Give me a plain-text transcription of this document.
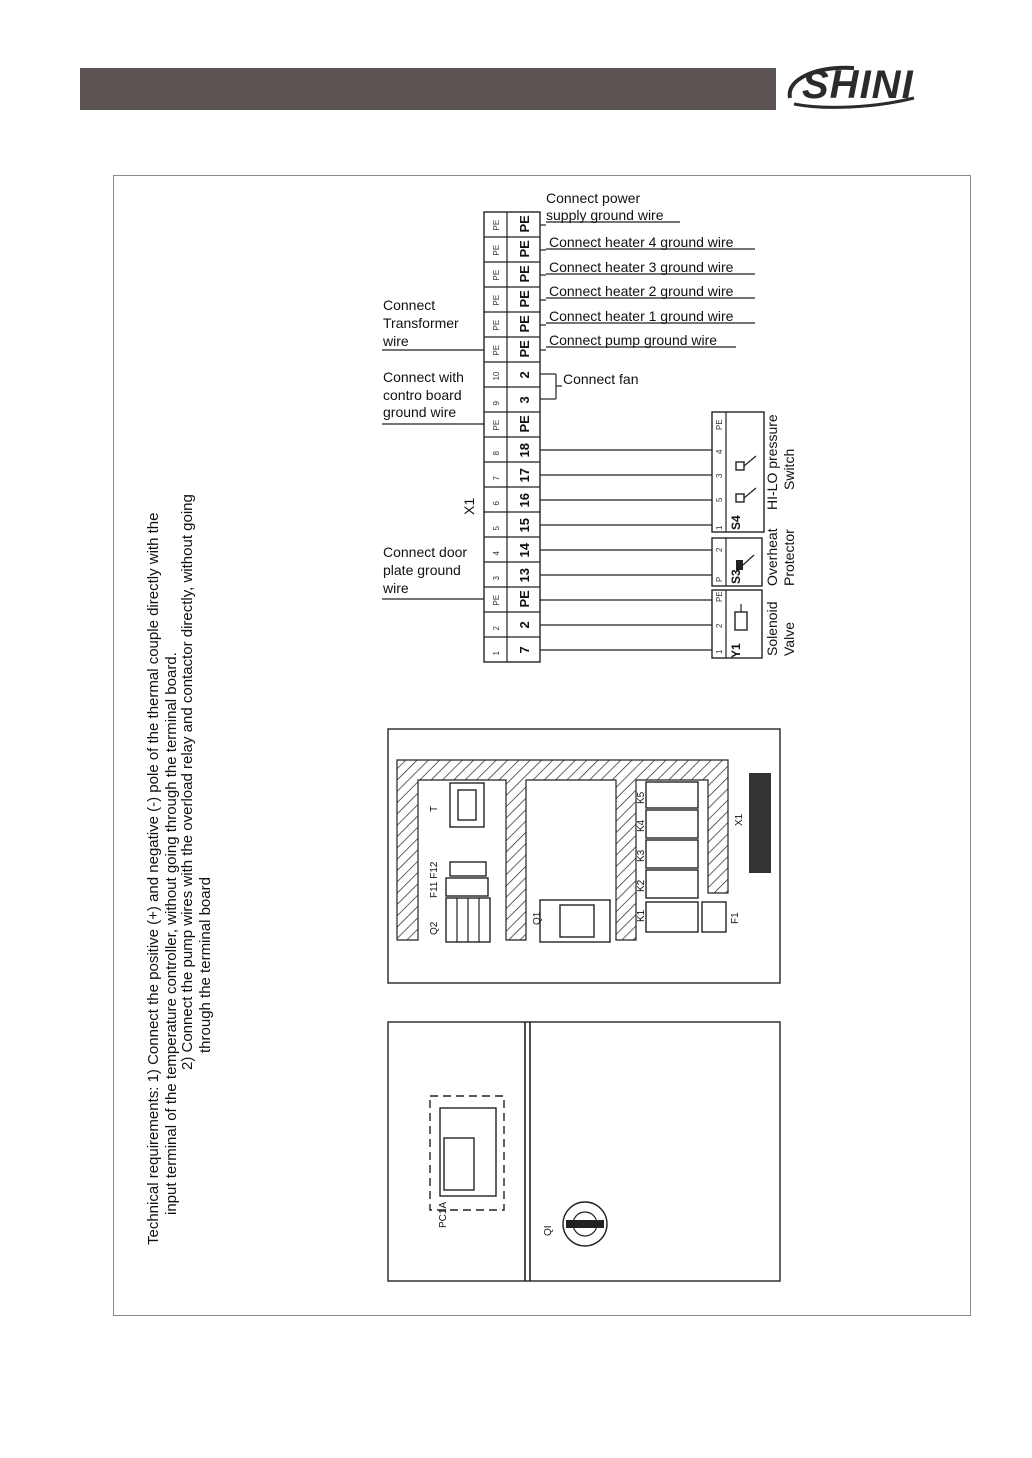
SHINI
Technical requirements: 1) Connect the positive (+) and negative (-) pole of the thermal couple directly with the input terminal of the temperature controller, without going through the terminal board. 2) Connect the pump wires with the overload relay and contactor directly, without going through the terminal board
1 7
2 2
PE PE
3 13
4 14
5 15
6 16
7 17
8 18
PE PE
9 3
10 2
PE PE
PE PE
PE PE
PE PE
PE PE
PE PE
X1
Connect power
supply ground wire
Connect heater 4 ground wire
Connect heater 3 ground wire
Connect heater 2 ground wire
Connect heater 1 ground wire
Connect pump ground wire
Connect fan
Connect
Transformer
wire
Connect with
contro board
ground wire
Connect door
plate ground
wire
1
5
3
4
PE
S4
HI-LO pressure Switch
P
2
S3 Overheat Protector
1
2
PE
Y1 Solenoid Valve
T
F11 F12
Q2
Q1	K1
K2
K3
K4
K5
F1
X1
PC1A
QI
